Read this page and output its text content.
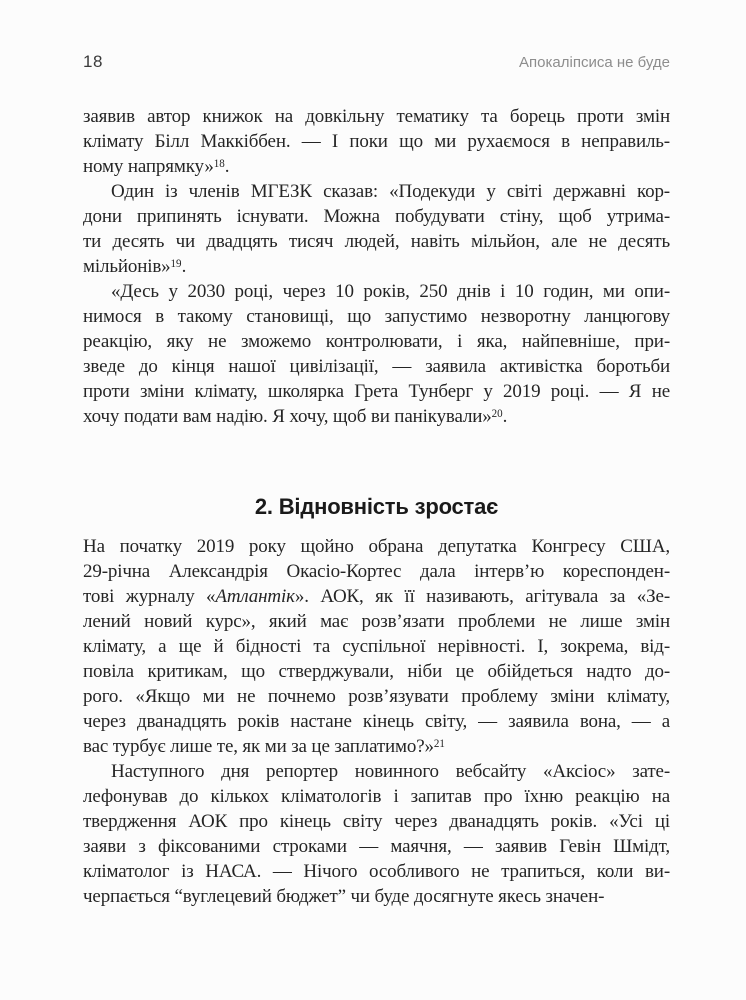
18	Апокаліпсиса не буде
заявив автор книжок на довкільну тематику та борець проти змін
клімату Білл Маккіббен. — І поки що ми рухаємося в неправиль-
ному напрямку»$^{18}$.
Один із членів МГЕЗК сказав: «Подекуди у світі державні кор-
дони припинять існувати. Можна побудувати стіну, щоб утрима-
ти десять чи двадцять тисяч людей, навіть мільйон, але не десять
мільйонів»$^{19}$.
«Десь у 2030 році, через 10 років, 250 днів і 10 годин, ми опи-
нимося в такому становищі, що запустимо незворотну ланцюгову
реакцію, яку не зможемо контролювати, і яка, найпевніше, при-
зведе до кінця нашої цивілізації, — заявила активістка боротьби
проти зміни клімату, школярка Грета Тунберг у 2019 році. — Я не
хочу подати вам надію. Я хочу, щоб ви панікували»$^{20}$.
2. Відновність зростає
На початку 2019 року щойно обрана депутатка Конгресу США,
29-річна Александрія Окасіо-Кортес дала інтерв’ю кореспонден-
тові журналу «Атлантік». АОК, як її називають, агітувала за «Зе-
лений новий курс», який має розв’язати проблеми не лише змін
клімату, а ще й бідності та суспільної нерівності. І, зокрема, від-
повіла критикам, що стверджували, ніби це обійдеться надто до-
рого. «Якщо ми не почнемо розв’язувати проблему зміни клімату,
через дванадцять років настане кінець світу, — заявила вона, — а
вас турбує лише те, як ми за це заплатимо?»$^{21}$
Наступного дня репортер новинного вебсайту «Аксіос» зате-
лефонував до кількох кліматологів і запитав про їхню реакцію на
твердження АОК про кінець світу через дванадцять років. «Усі ці
заяви з фіксованими строками — маячня, — заявив Гевін Шмідт,
кліматолог із НАСА. — Нічого особливого не трапиться, коли ви-
черпається “вуглецевий бюджет” чи буде досягнуте якесь значен-
